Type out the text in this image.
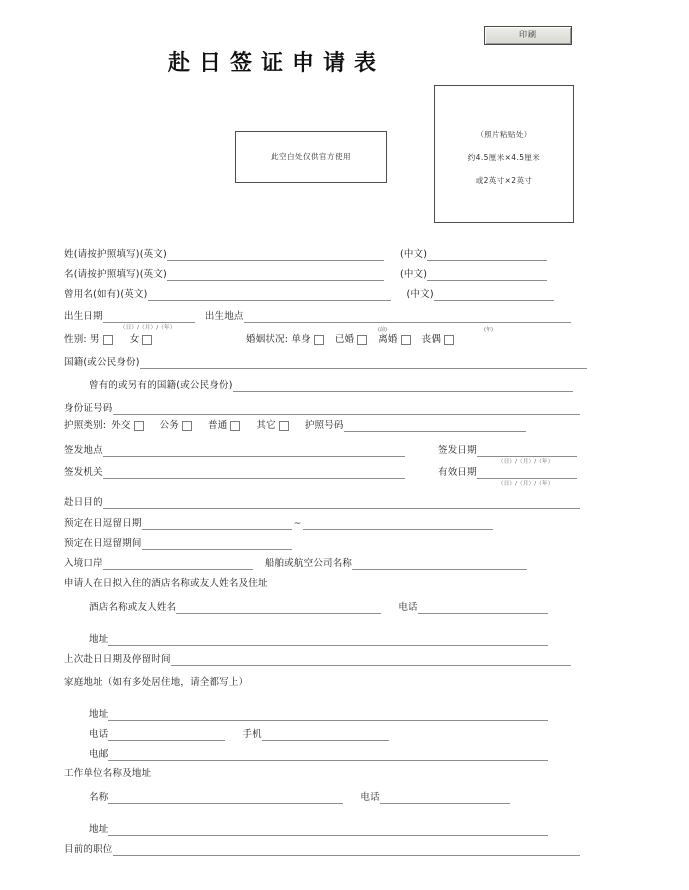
印刷
赴日签证申请表
此空白处仅供官方使用
（照片粘贴处）
约4.5厘米×4.5厘米
或2英寸×2英寸
姓(请按护照填写)(英文)	(中文)
名(请按护照填写)(英文)	(中文)
曾用名(如有)(英文)	(中文)
出生日期	出生地点
（日）/（月）/（年）
性别: 男	女	婚姻状况: 单身	已婚	离婚	丧偶
(前)	(年)
国籍(或公民身份)
曾有的或另有的国籍(或公民身份)
身份证号码
护照类别: 外交	公务	普通	其它	护照号码
签发地点	签发日期
（日）/（月）/（年）
签发机关	有效日期
（日）/（月）/（年）
赴日目的
预定在日逗留日期	~
预定在日逗留期间
入境口岸	船舶或航空公司名称
申请人在日拟入住的酒店名称或友人姓名及住址
酒店名称或友人姓名	电话
地址
上次赴日日期及停留时间
家庭地址（如有多处居住地，请全都写上）
地址
电话	手机
电邮
工作单位名称及地址
名称	电话
地址
目前的职位
